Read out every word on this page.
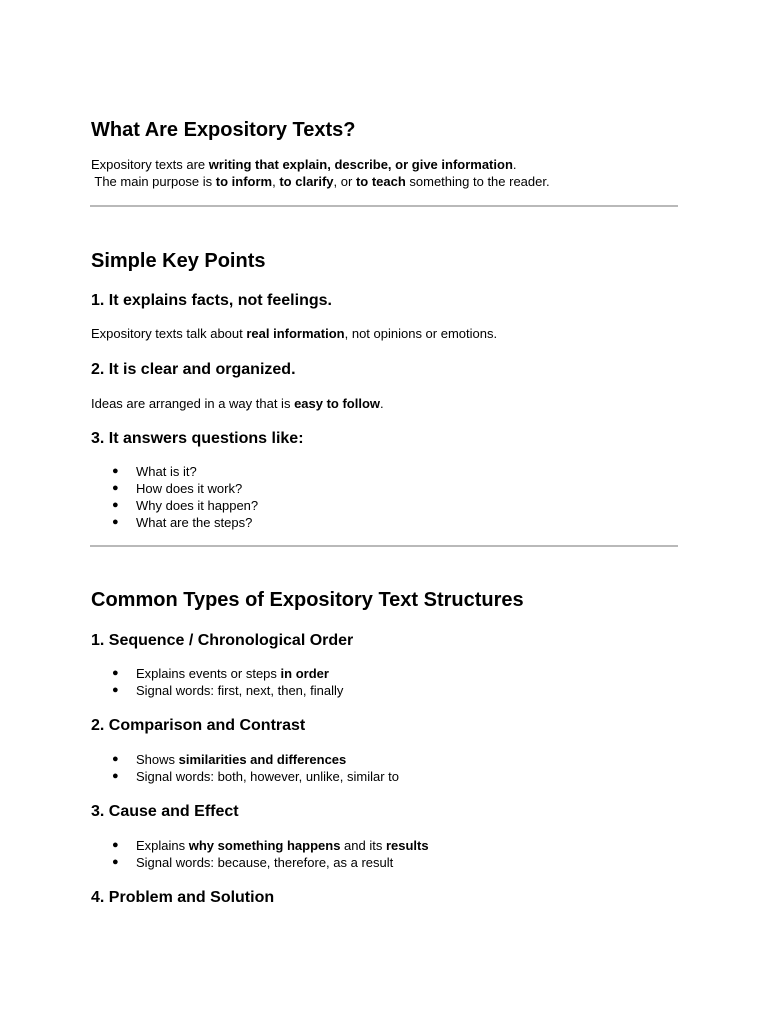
What Are Expository Texts?
Expository texts are writing that explain, describe, or give information.
The main purpose is to inform, to clarify, or to teach something to the reader.
Simple Key Points
1. It explains facts, not feelings.
Expository texts talk about real information, not opinions or emotions.
2. It is clear and organized.
Ideas are arranged in a way that is easy to follow.
3. It answers questions like:
● What is it?
● How does it work?
● Why does it happen?
● What are the steps?
Common Types of Expository Text Structures
1. Sequence / Chronological Order
● Explains events or steps in order
● Signal words: first, next, then, finally
2. Comparison and Contrast
● Shows similarities and differences
● Signal words: both, however, unlike, similar to
3. Cause and Effect
● Explains why something happens and its results
● Signal words: because, therefore, as a result
4. Problem and Solution
